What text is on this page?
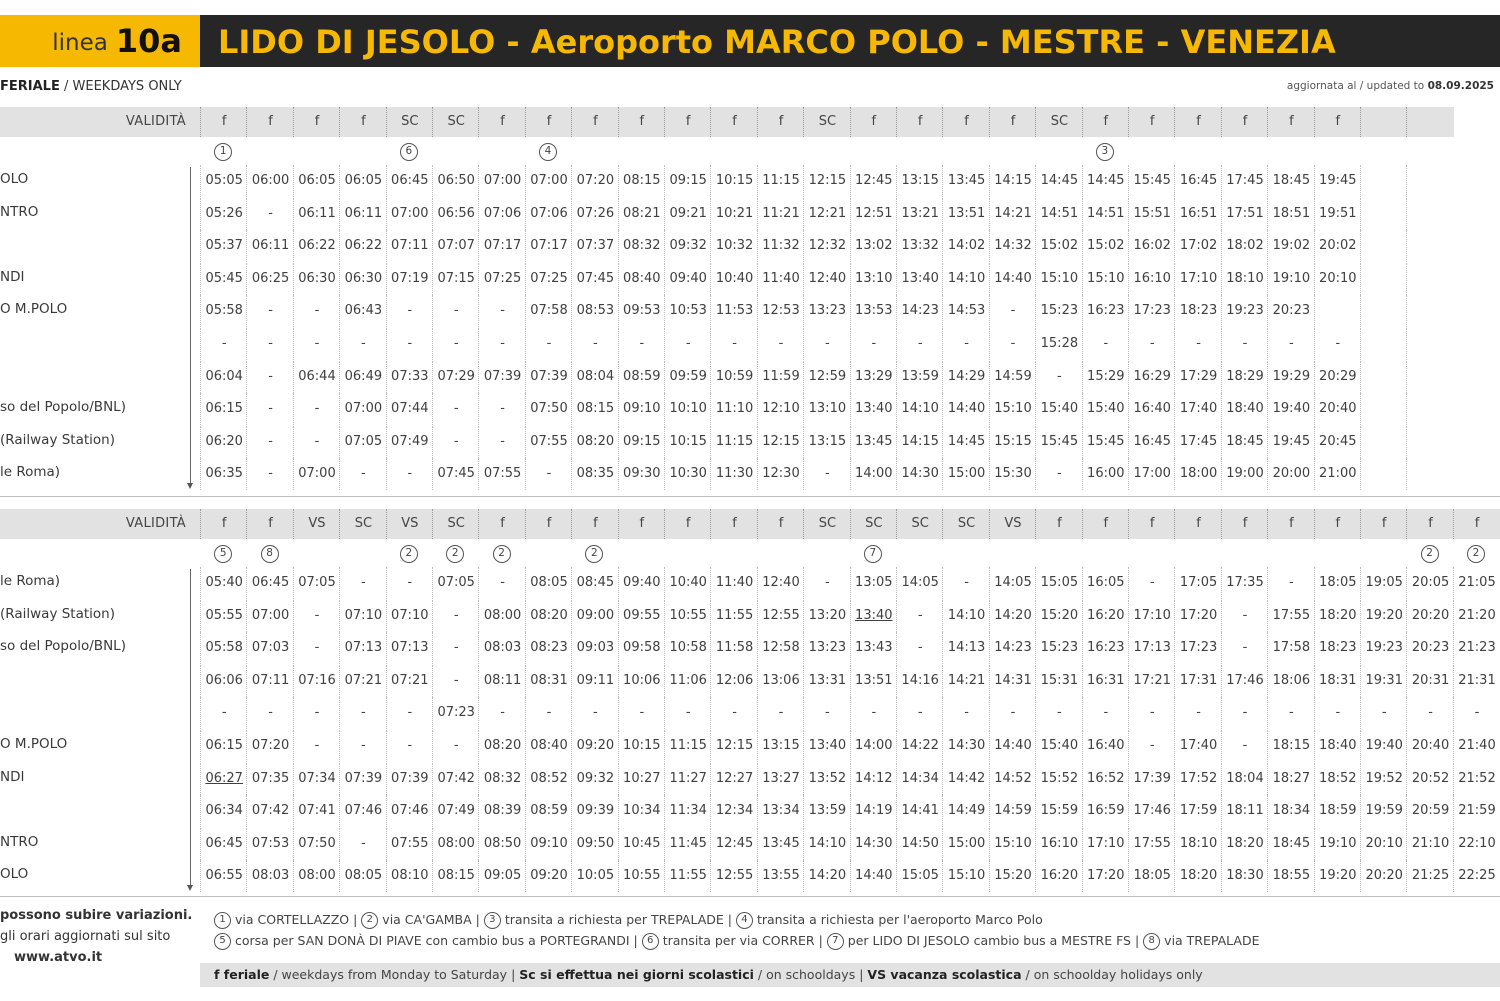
linea 10a LIDO DI JESOLO - Aeroporto MARCO POLO - MESTRE - VENEZIA
FERIALE / WEEKDAYS ONLY	aggiornata al / updated to 08.09.2025
VALIDITÀ	f	f	f	f	SC	SC	f	f	f	f	f	f	f	SC	f	f	f	f	SC	f	f	f	f	f	f
1	6	4	3
OLO	05:05 06:00 06:05 06:05 06:45 06:50 07:00 07:00 07:20 08:15 09:15 10:15 11:15 12:15 12:45 13:15 13:45 14:15 14:45 14:45 15:45 16:45 17:45 18:45 19:45
NTRO	05:26	-	06:11 06:11 07:00 06:56 07:06 07:06 07:26 08:21 09:21 10:21 11:21 12:21 12:51 13:21 13:51 14:21 14:51 14:51 15:51 16:51 17:51 18:51 19:51
05:37 06:11 06:22 06:22 07:11 07:07 07:17 07:17 07:37 08:32 09:32 10:32 11:32 12:32 13:02 13:32 14:02 14:32 15:02 15:02 16:02 17:02 18:02 19:02 20:02
NDI	05:45 06:25 06:30 06:30 07:19 07:15 07:25 07:25 07:45 08:40 09:40 10:40 11:40 12:40 13:10 13:40 14:10 14:40 15:10 15:10 16:10 17:10 18:10 19:10 20:10
O M.POLO	05:58	-	-	06:43	-	-	-	07:58 08:53 09:53 10:53 11:53 12:53 13:23 13:53 14:23 14:53	-	15:23 16:23 17:23 18:23 19:23 20:23
-	-	-	-	-	-	-	-	-	-	-	-	-	-	-	-	-	-	15:28	-	-	-	-	-	-
06:04	-	06:44 06:49 07:33 07:29 07:39 07:39 08:04 08:59 09:59 10:59 11:59 12:59 13:29 13:59 14:29 14:59	-	15:29 16:29 17:29 18:29 19:29 20:29
so del Popolo/BNL)	06:15	-	-	07:00 07:44	-	-	07:50 08:15 09:10 10:10 11:10 12:10 13:10 13:40 14:10 14:40 15:10 15:40 15:40 16:40 17:40 18:40 19:40 20:40
(Railway Station)	06:20	-	-	07:05 07:49	-	-	07:55 08:20 09:15 10:15 11:15 12:15 13:15 13:45 14:15 14:45 15:15 15:45 15:45 16:45 17:45 18:45 19:45 20:45
le Roma)	06:35	-	07:00	-	-	07:45 07:55	-	08:35 09:30 10:30 11:30 12:30	-	14:00 14:30 15:00 15:30	-	16:00 17:00 18:00 19:00 20:00 21:00
VALIDITÀ	f	f	VS	SC	VS	SC	f	f	f	f	f	f	f	SC	SC	SC	SC	VS	f	f	f	f	f	f	f	f	f	f
5	8	2	2	2	2	7	2	2
le Roma)	05:40 06:45 07:05	-	-	07:05	-	08:05 08:45 09:40 10:40 11:40 12:40	-	13:05 14:05	-	14:05 15:05 16:05	-	17:05 17:35	-	18:05 19:05 20:05 21:05
(Railway Station)	05:55 07:00	-	07:10 07:10	-	08:00 08:20 09:00 09:55 10:55 11:55 12:55 13:20 13:40	-	14:10 14:20 15:20 16:20 17:10 17:20	-	17:55 18:20 19:20 20:20 21:20
so del Popolo/BNL)	05:58 07:03	-	07:13 07:13	-	08:03 08:23 09:03 09:58 10:58 11:58 12:58 13:23 13:43	-	14:13 14:23 15:23 16:23 17:13 17:23	-	17:58 18:23 19:23 20:23 21:23
06:06 07:11 07:16 07:21 07:21	-	08:11 08:31 09:11 10:06 11:06 12:06 13:06 13:31 13:51 14:16 14:21 14:31 15:31 16:31 17:21 17:31 17:46 18:06 18:31 19:31 20:31 21:31
-	-	-	-	-	07:23	-	-	-	-	-	-	-	-	-	-	-	-	-	-	-	-	-	-	-	-	-	-
O M.POLO	06:15 07:20	-	-	-	-	08:20 08:40 09:20 10:15 11:15 12:15 13:15 13:40 14:00 14:22 14:30 14:40 15:40 16:40	-	17:40	-	18:15 18:40 19:40 20:40 21:40
NDI	06:27 07:35 07:34 07:39 07:39 07:42 08:32 08:52 09:32 10:27 11:27 12:27 13:27 13:52 14:12 14:34 14:42 14:52 15:52 16:52 17:39 17:52 18:04 18:27 18:52 19:52 20:52 21:52
06:34 07:42 07:41 07:46 07:46 07:49 08:39 08:59 09:39 10:34 11:34 12:34 13:34 13:59 14:19 14:41 14:49 14:59 15:59 16:59 17:46 17:59 18:11 18:34 18:59 19:59 20:59 21:59
NTRO	06:45 07:53 07:50	-	07:55 08:00 08:50 09:10 09:50 10:45 11:45 12:45 13:45 14:10 14:30 14:50 15:00 15:10 16:10 17:10 17:55 18:10 18:20 18:45 19:10 20:10 21:10 22:10
OLO	06:55 08:03 08:00 08:05 08:10 08:15 09:05 09:20 10:05 10:55 11:55 12:55 13:55 14:20 14:40 15:05 15:10 15:20 16:20 17:20 18:05 18:20 18:30 18:55 19:20 20:20 21:25 22:25
possono subire variazioni.
gli orari aggiornati sul sito
www.atvo.it
1 via CORTELLAZZO | 2 via CA'GAMBA | 3 transita a richiesta per TREPALADE | 4 transita a richiesta per l'aeroporto Marco Polo
5 corsa per SAN DONÀ DI PIAVE con cambio bus a PORTEGRANDI | 6 transita per via CORRER | 7 per LIDO DI JESOLO cambio bus a MESTRE FS | 8 via TREPALADE
f feriale / weekdays from Monday to Saturday | Sc si effettua nei giorni scolastici / on schooldays | VS vacanza scolastica / on schoolday holidays only
